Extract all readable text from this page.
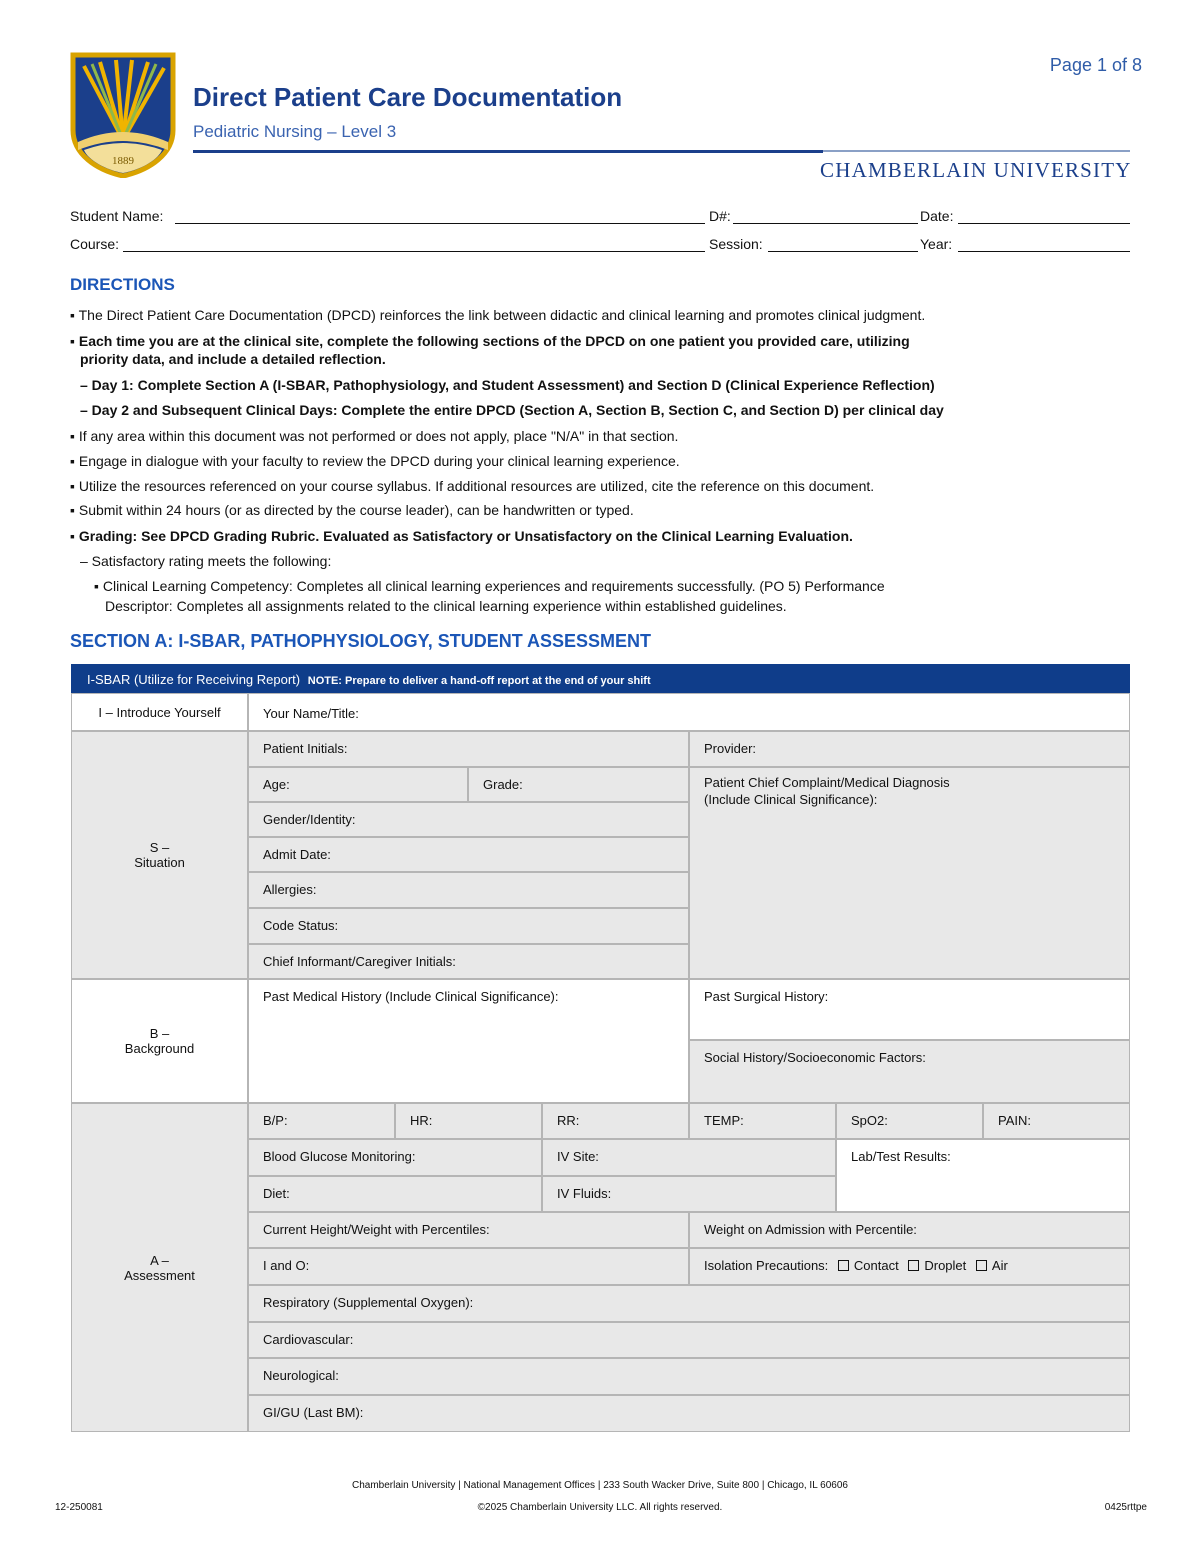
1889
Direct Patient Care Documentation
Pediatric Nursing – Level 3
Page 1 of 8
CHAMBERLAIN UNIVERSITY
Student Name:	D#:	Date:
Course:	Session:	Year:
DIRECTIONS
▪ The Direct Patient Care Documentation (DPCD) reinforces the link between didactic and clinical learning and promotes clinical judgment.
▪ Each time you are at the clinical site, complete the following sections of the DPCD on one patient you provided care, utilizing
priority data, and include a detailed reflection.
– Day 1: Complete Section A (I-SBAR, Pathophysiology, and Student Assessment) and Section D (Clinical Experience Reflection)
– Day 2 and Subsequent Clinical Days: Complete the entire DPCD (Section A, Section B, Section C, and Section D) per clinical day
▪ If any area within this document was not performed or does not apply, place "N/A" in that section.
▪ Engage in dialogue with your faculty to review the DPCD during your clinical learning experience.
▪ Utilize the resources referenced on your course syllabus. If additional resources are utilized, cite the reference on this document.
▪ Submit within 24 hours (or as directed by the course leader), can be handwritten or typed.
▪ Grading: See DPCD Grading Rubric. Evaluated as Satisfactory or Unsatisfactory on the Clinical Learning Evaluation.
– Satisfactory rating meets the following:
▪ Clinical Learning Competency: Completes all clinical learning experiences and requirements successfully. (PO 5) Performance
Descriptor: Completes all assignments related to the clinical learning experience within established guidelines.
SECTION A: I-SBAR, PATHOPHYSIOLOGY, STUDENT ASSESSMENT
I-SBAR (Utilize for Receiving Report) NOTE: Prepare to deliver a hand-off report at the end of your shift
I – Introduce Yourself	Your Name/Title:
S –
Situation
Patient Initials:	Provider:
Age:	Grade:	Patient Chief Complaint/Medical Diagnosis
(Include Clinical Significance):
Gender/Identity:
Admit Date:
Allergies:
Code Status:
Chief Informant/Caregiver Initials:
B –
Background
Past Medical History (Include Clinical Significance):	Past Surgical History:
Social History/Socioeconomic Factors:
A –
Assessment
B/P:	HR:	RR:	TEMP:	SpO2:	PAIN:
Blood Glucose Monitoring:	IV Site:	Lab/Test Results:
Diet:	IV Fluids:
Current Height/Weight with Percentiles:	Weight on Admission with Percentile:
I and O:	Isolation Precautions: Contact Droplet Air
Respiratory (Supplemental Oxygen):
Cardiovascular:
Neurological:
GI/GU (Last BM):
Chamberlain University | National Management Offices | 233 South Wacker Drive, Suite 800 | Chicago, IL 60606
©2025 Chamberlain University LLC. All rights reserved.
12-250081	0425rttpe
